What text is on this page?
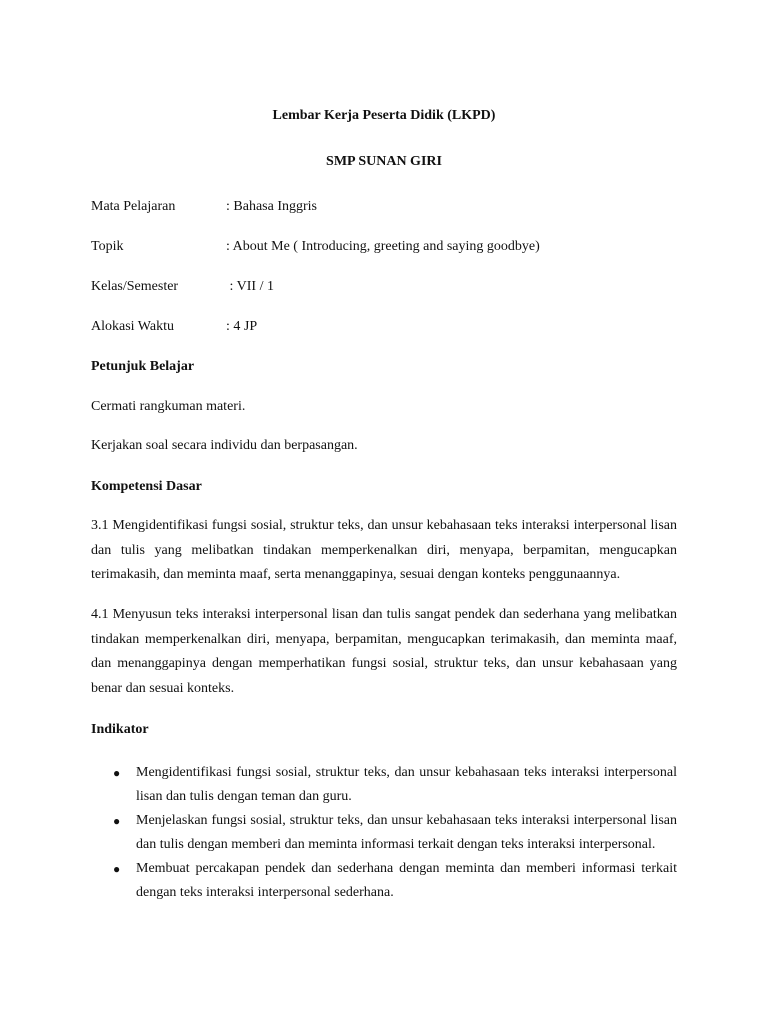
Lembar Kerja Peserta Didik (LKPD)
SMP SUNAN GIRI
Mata Pelajaran	: Bahasa Inggris
Topik	: About Me ( Introducing, greeting and saying goodbye)
Kelas/Semester	: VII / 1
Alokasi Waktu	: 4 JP
Petunjuk Belajar
Cermati rangkuman materi.
Kerjakan soal secara individu dan berpasangan.
Kompetensi Dasar
3.1 Mengidentifikasi fungsi sosial, struktur teks, dan unsur kebahasaan teks interaksi interpersonal lisan dan tulis yang melibatkan tindakan memperkenalkan diri, menyapa, berpamitan, mengucapkan terimakasih, dan meminta maaf, serta menanggapinya, sesuai dengan konteks penggunaannya.
4.1 Menyusun teks interaksi interpersonal lisan dan tulis sangat pendek dan sederhana yang melibatkan tindakan memperkenalkan diri, menyapa, berpamitan, mengucapkan terimakasih, dan meminta maaf, dan menanggapinya dengan memperhatikan fungsi sosial, struktur teks, dan unsur kebahasaan yang benar dan sesuai konteks.
Indikator
● Mengidentifikasi fungsi sosial, struktur teks, dan unsur kebahasaan teks interaksi interpersonal lisan dan tulis dengan teman dan guru.
● Menjelaskan fungsi sosial, struktur teks, dan unsur kebahasaan teks interaksi interpersonal lisan dan tulis dengan memberi dan meminta informasi terkait dengan teks interaksi interpersonal.
● Membuat percakapan pendek dan sederhana dengan meminta dan memberi informasi terkait dengan teks interaksi interpersonal sederhana.
